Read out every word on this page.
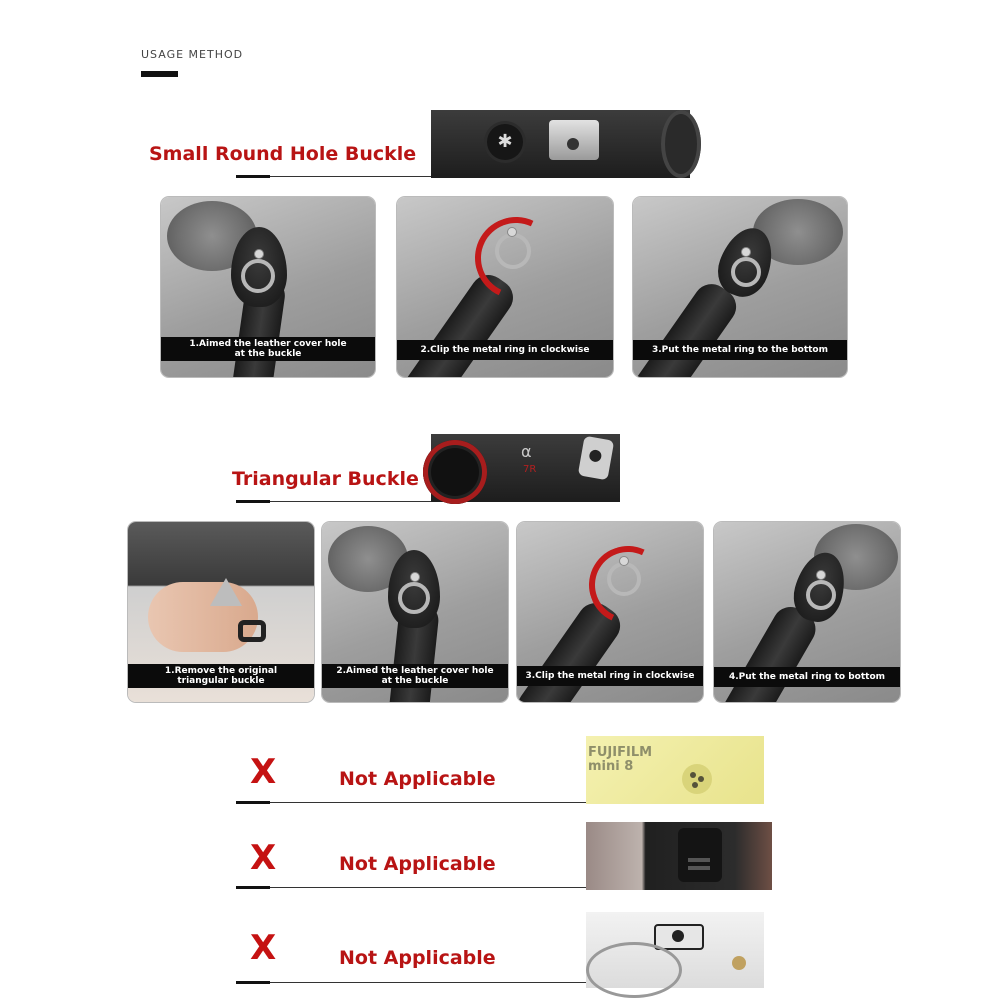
USAGE METHOD
Small Round Hole Buckle
✱
1.Aimed the leather cover hole
at the buckle	2.Clip the metal ring in clockwise	3.Put the metal ring to the bottom
Triangular Buckle
α
7R
1.Remove the original
triangular buckle
2.Aimed the leather cover hole
at the buckle	3.Clip the metal ring in clockwise	4.Put the metal ring to bottom
X	Not Applicable
FUJIFILM
mini 8
X	Not Applicable
X	Not Applicable
